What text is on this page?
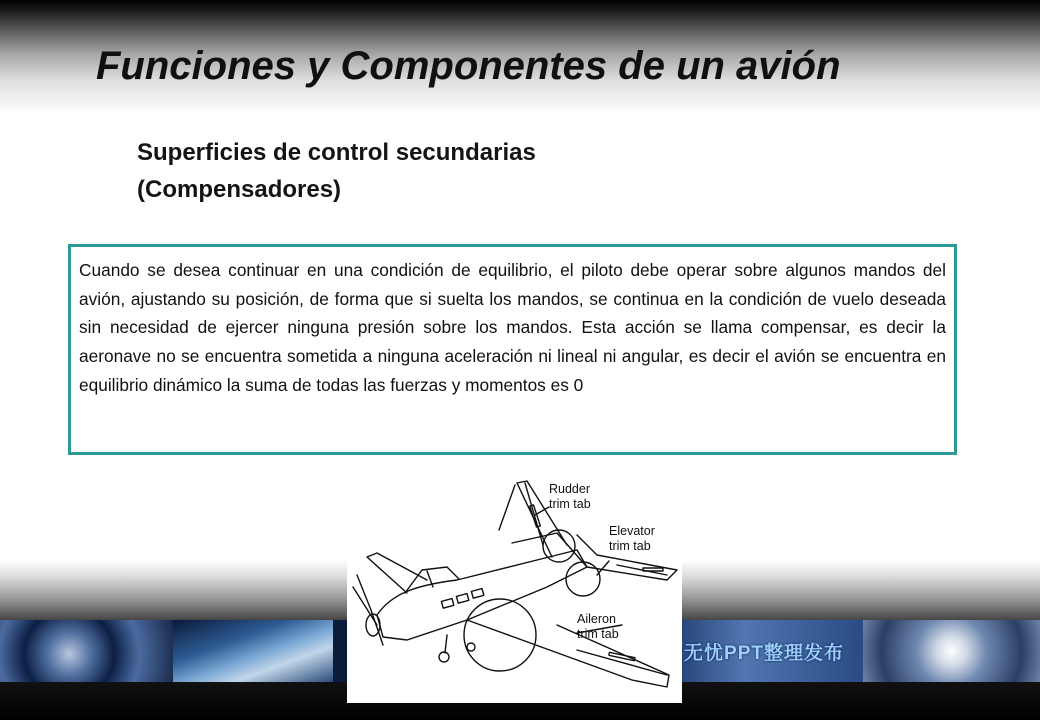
无忧PPT整理发布
Funciones y Componentes de un avión
Superficies de control secundarias
(Compensadores)

Cuando se desea continuar en una condición de equilibrio, el piloto debe operar sobre algunos mandos del avión, ajustando su posición, de forma que si suelta los mandos, se continua en la condición de vuelo deseada sin necesidad de ejercer ninguna presión sobre los mandos. Esta acción se llama compensar, es decir la aeronave no se encuentra sometida a ninguna aceleración ni lineal ni angular, es decir el avión se encuentra en equilibrio dinámico la suma de todas las fuerzas y momentos es 0

Rudder
trim tab
Elevator
trim tab
Aileron
trim tab
